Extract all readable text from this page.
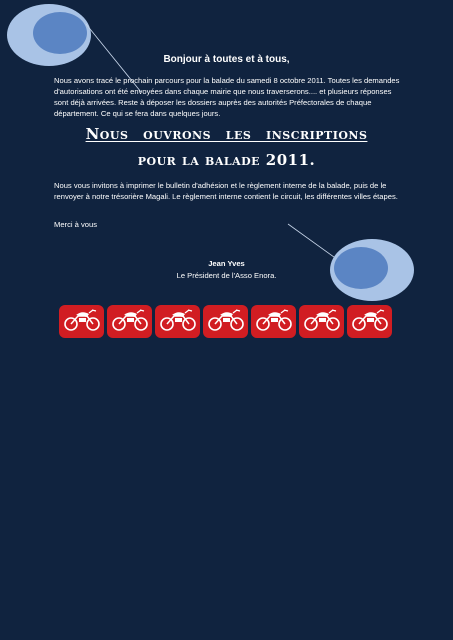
Bonjour à toutes et à tous,
Nous avons tracé le prochain parcours pour la balade du samedi 8 octobre 2011. Toutes les demandes d'autorisations ont été envoyées dans chaque mairie que nous traverserons.... et plusieurs réponses sont déjà arrivées. Reste à déposer les dossiers auprès des autorités Préfectorales de chaque département. Ce qui se fera dans quelques jours.
Nous ouvrons les inscriptions
pour la balade 2011.
Nous vous invitons à imprimer le bulletin d'adhésion et le règlement interne de la balade, puis de le renvoyer à notre trésorière Magali. Le règlement interne contient le circuit, les différentes villes étapes.
Merci à vous
Jean Yves
Le Président de l'Asso Enora.
